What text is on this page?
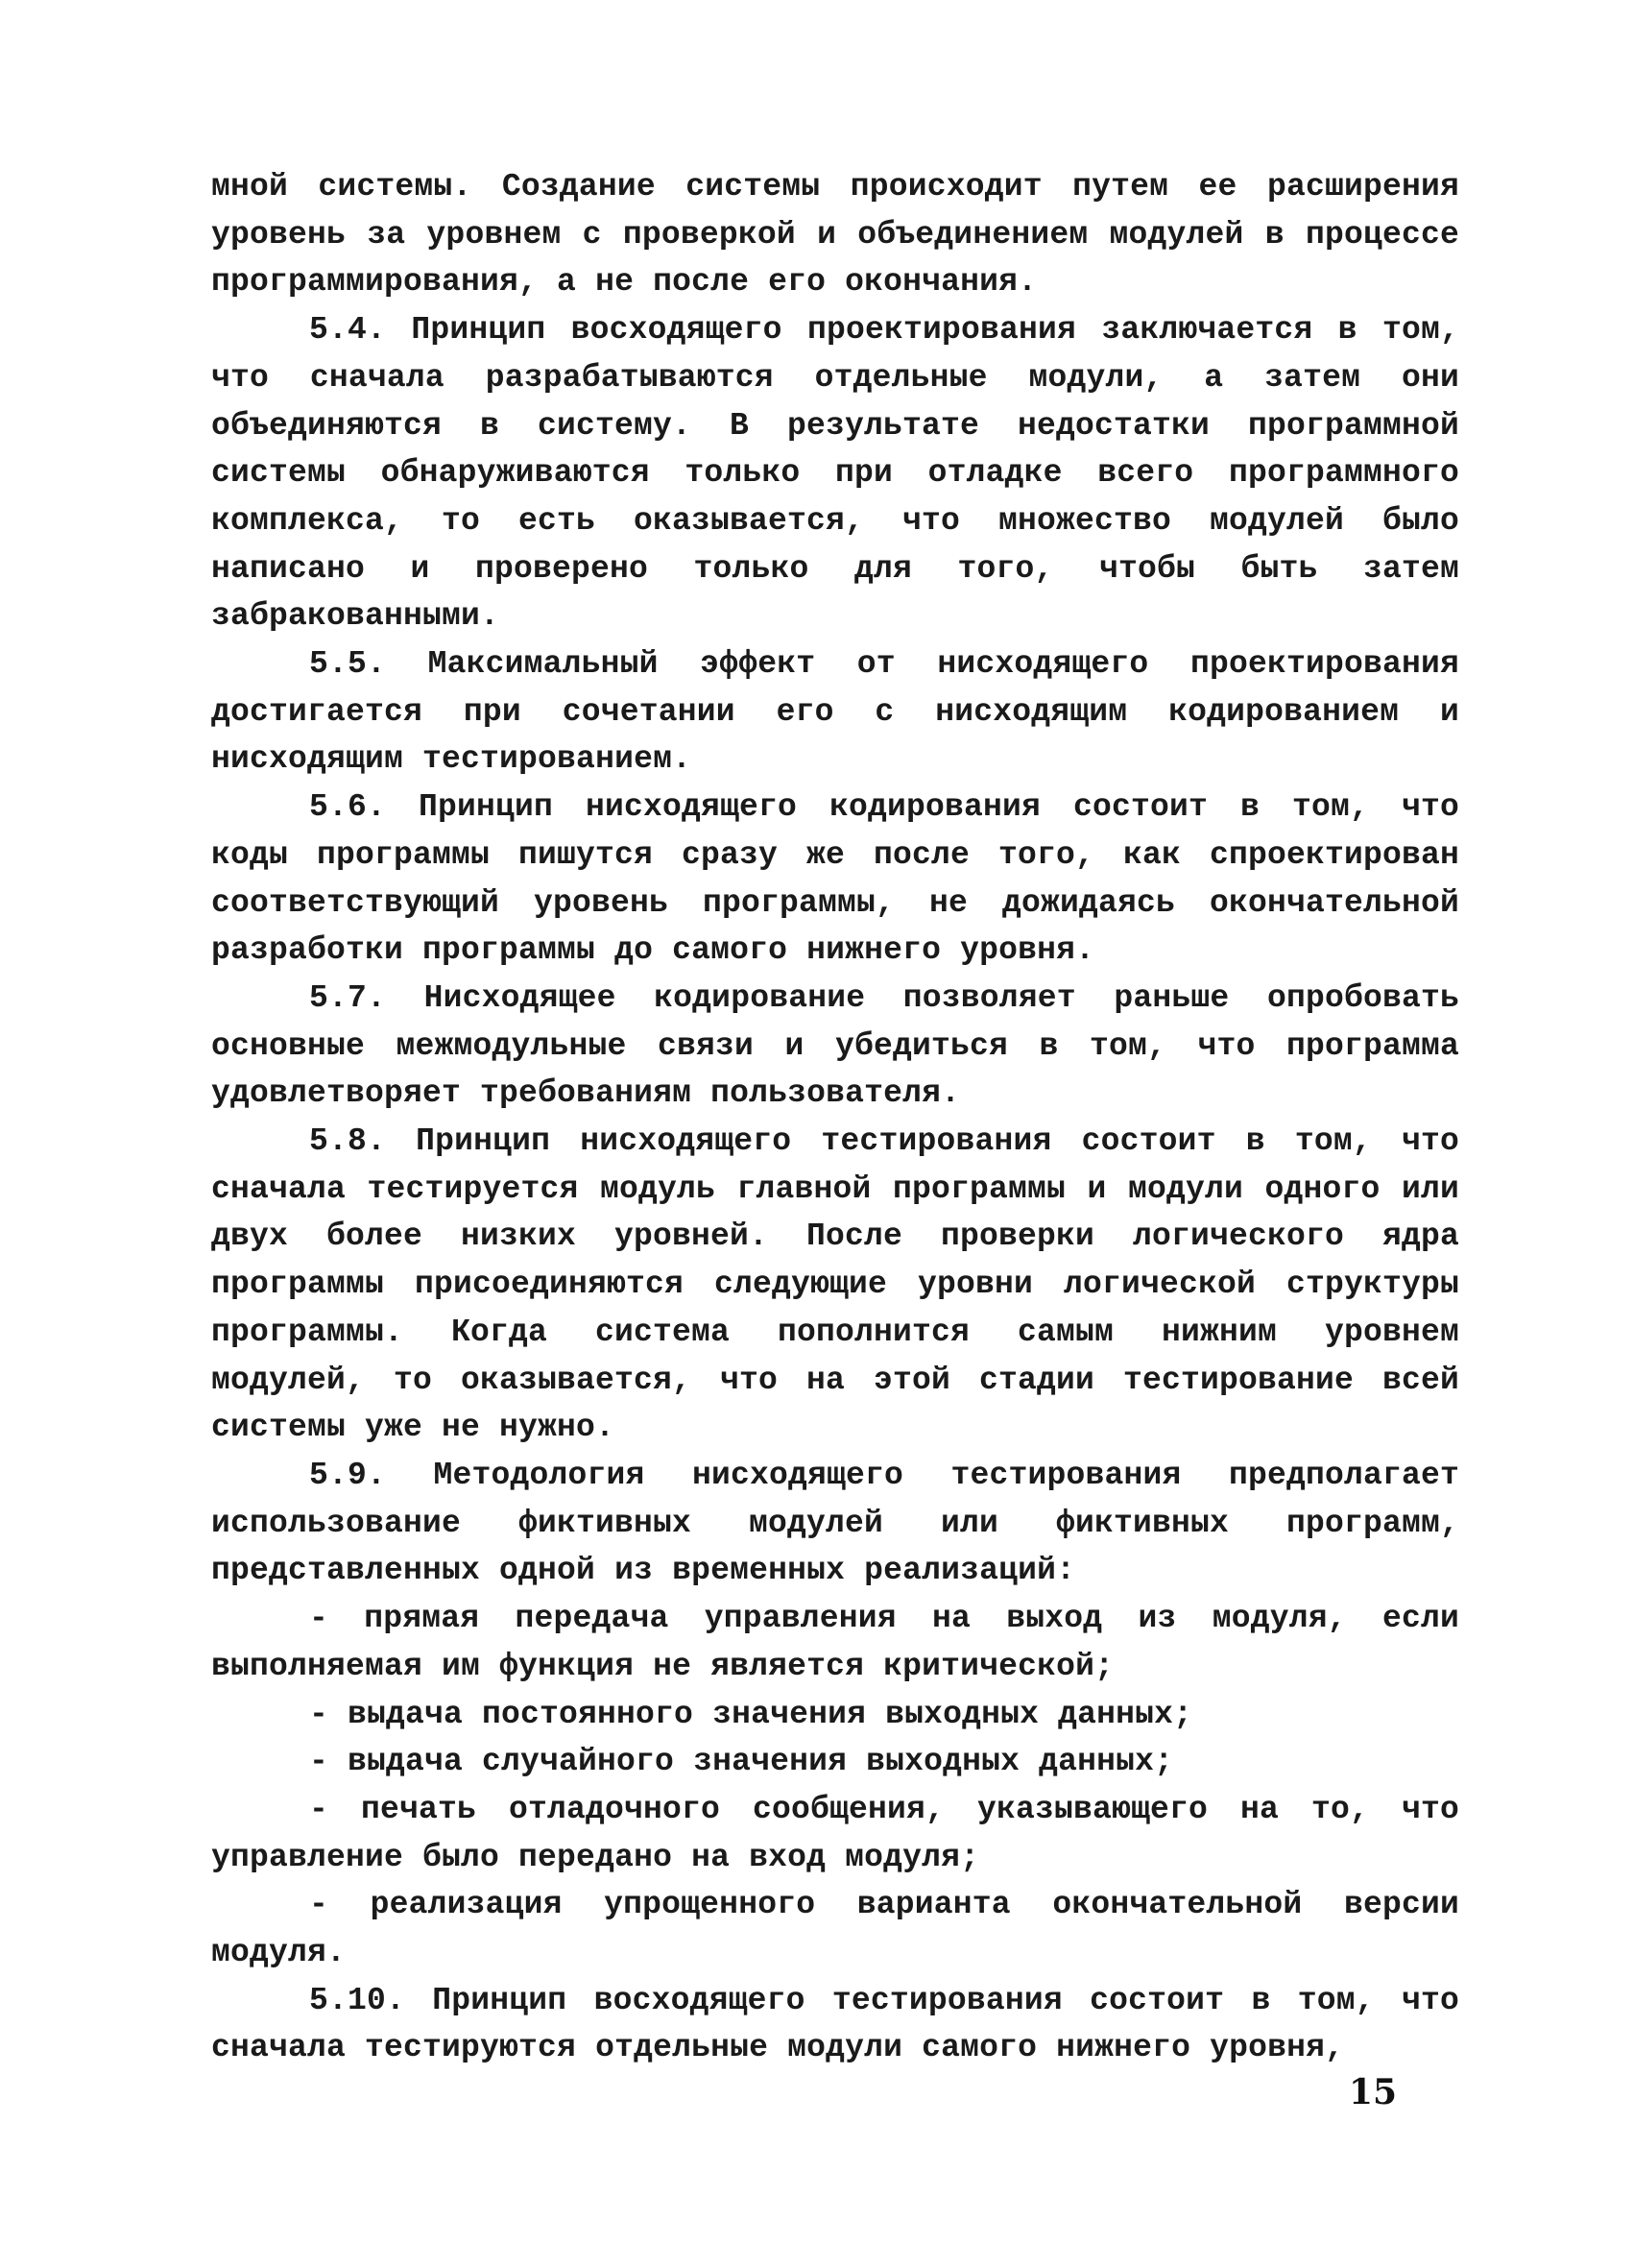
мной системы. Создание системы происходит путем ее расширения уровень за уровнем с проверкой и объединением модулей в процессе программирования, а не после его окончания.

5.4. Принцип восходящего проектирования заключается в том, что сначала разрабатываются отдельные модули, а затем они объединяются в систему. В результате недостатки программной системы обнаруживаются только при отладке всего программного комплекса, то есть оказывается, что множество модулей было написано и проверено только для того, чтобы быть затем забракованными.

5.5. Максимальный эффект от нисходящего проектирования достигается при сочетании его с нисходящим кодированием и нисходящим тестированием.

5.6. Принцип нисходящего кодирования состоит в том, что коды программы пишутся сразу же после того, как спроектирован соответствующий уровень программы, не дожидаясь окончательной разработки программы до самого нижнего уровня.

5.7. Нисходящее кодирование позволяет раньше опробовать основные межмодульные связи и убедиться в том, что программа удовлетворяет требованиям пользователя.

5.8. Принцип нисходящего тестирования состоит в том, что сначала тестируется модуль главной программы и модули одного или двух более низких уровней. После проверки логического ядра программы присоединяются следующие уровни логической структуры программы. Когда система пополнится самым нижним уровнем модулей, то оказывается, что на этой стадии тестирование всей системы уже не нужно.

5.9. Методология нисходящего тестирования предполагает использование фиктивных модулей или фиктивных программ, представленных одной из временных реализаций:

- прямая передача управления на выход из модуля, если выполняемая им функция не является критической;

- выдача постоянного значения выходных данных;

- выдача случайного значения выходных данных;

- печать отладочного сообщения, указывающего на то, что управление было передано на вход модуля;

- реализация упрощенного варианта окончательной версии модуля.

5.10. Принцип восходящего тестирования состоит в том, что сначала тестируются отдельные модули самого нижнего уровня,

15
